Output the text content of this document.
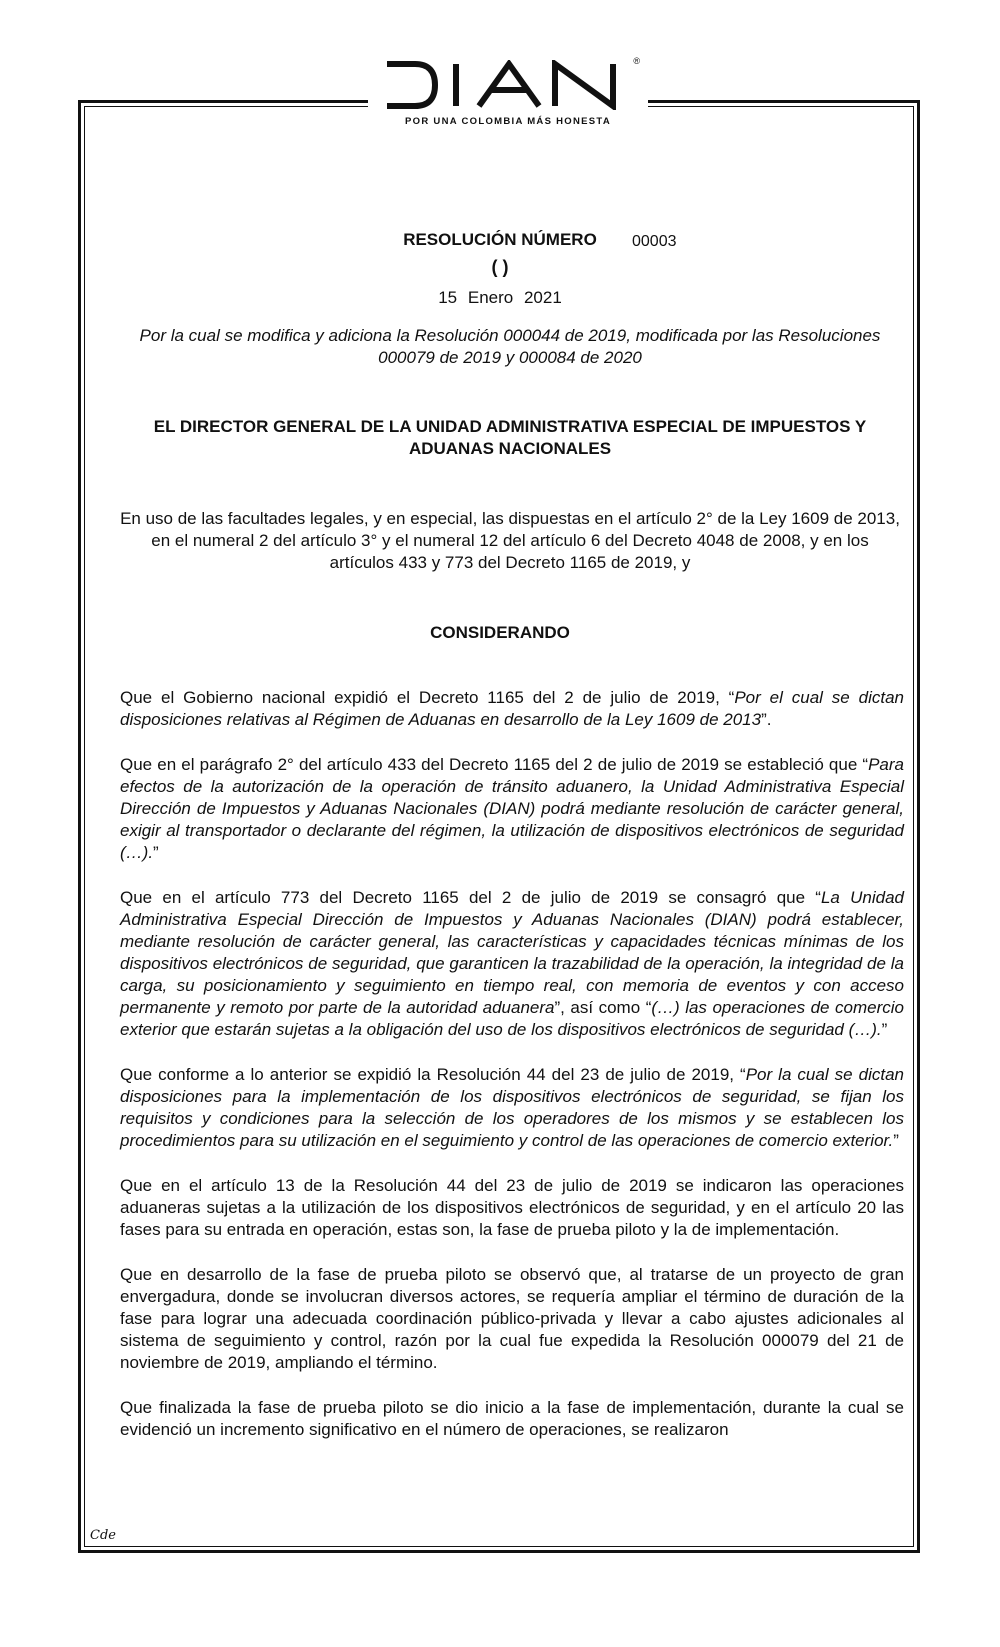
®
POR UNA COLOMBIA MÁS HONESTA
RESOLUCIÓN NÚMERO	00003
( )
15 Enero 2021
Por la cual se modifica y adiciona la Resolución 000044 de 2019, modificada por las Resoluciones 000079 de 2019 y 000084 de 2020
EL DIRECTOR GENERAL DE LA UNIDAD ADMINISTRATIVA ESPECIAL DE IMPUESTOS Y ADUANAS NACIONALES
En uso de las facultades legales, y en especial, las dispuestas en el artículo 2° de la Ley 1609 de 2013, en el numeral 2 del artículo 3° y el numeral 12 del artículo 6 del Decreto 4048 de 2008, y en los artículos 433 y 773 del Decreto 1165 de 2019, y
CONSIDERANDO

Que el Gobierno nacional expidió el Decreto 1165 del 2 de julio de 2019, “Por el cual se dictan disposiciones relativas al Régimen de Aduanas en desarrollo de la Ley 1609 de 2013”.

Que en el parágrafo 2° del artículo 433 del Decreto 1165 del 2 de julio de 2019 se estableció que “Para efectos de la autorización de la operación de tránsito aduanero, la Unidad Administrativa Especial Dirección de Impuestos y Aduanas Nacionales (DIAN) podrá mediante resolución de carácter general, exigir al transportador o declarante del régimen, la utilización de dispositivos electrónicos de seguridad (…).”

Que en el artículo 773 del Decreto 1165 del 2 de julio de 2019 se consagró que “La Unidad Administrativa Especial Dirección de Impuestos y Aduanas Nacionales (DIAN) podrá establecer, mediante resolución de carácter general, las características y capacidades técnicas mínimas de los dispositivos electrónicos de seguridad, que garanticen la trazabilidad de la operación, la integridad de la carga, su posicionamiento y seguimiento en tiempo real, con memoria de eventos y con acceso permanente y remoto por parte de la autoridad aduanera”, así como “(…) las operaciones de comercio exterior que estarán sujetas a la obligación del uso de los dispositivos electrónicos de seguridad (…).”

Que conforme a lo anterior se expidió la Resolución 44 del 23 de julio de 2019, “Por la cual se dictan disposiciones para la implementación de los dispositivos electrónicos de seguridad, se fijan los requisitos y condiciones para la selección de los operadores de los mismos y se establecen los procedimientos para su utilización en el seguimiento y control de las operaciones de comercio exterior.”

Que en el artículo 13 de la Resolución 44 del 23 de julio de 2019 se indicaron las operaciones aduaneras sujetas a la utilización de los dispositivos electrónicos de seguridad, y en el artículo 20 las fases para su entrada en operación, estas son, la fase de prueba piloto y la de implementación.

Que en desarrollo de la fase de prueba piloto se observó que, al tratarse de un proyecto de gran envergadura, donde se involucran diversos actores, se requería ampliar el término de duración de la fase para lograr una adecuada coordinación público-privada y llevar a cabo ajustes adicionales al sistema de seguimiento y control, razón por la cual fue expedida la Resolución 000079 del 21 de noviembre de 2019, ampliando el término.

Que finalizada la fase de prueba piloto se dio inicio a la fase de implementación, durante la cual se evidenció un incremento significativo en el número de operaciones, se realizaron

Cde
